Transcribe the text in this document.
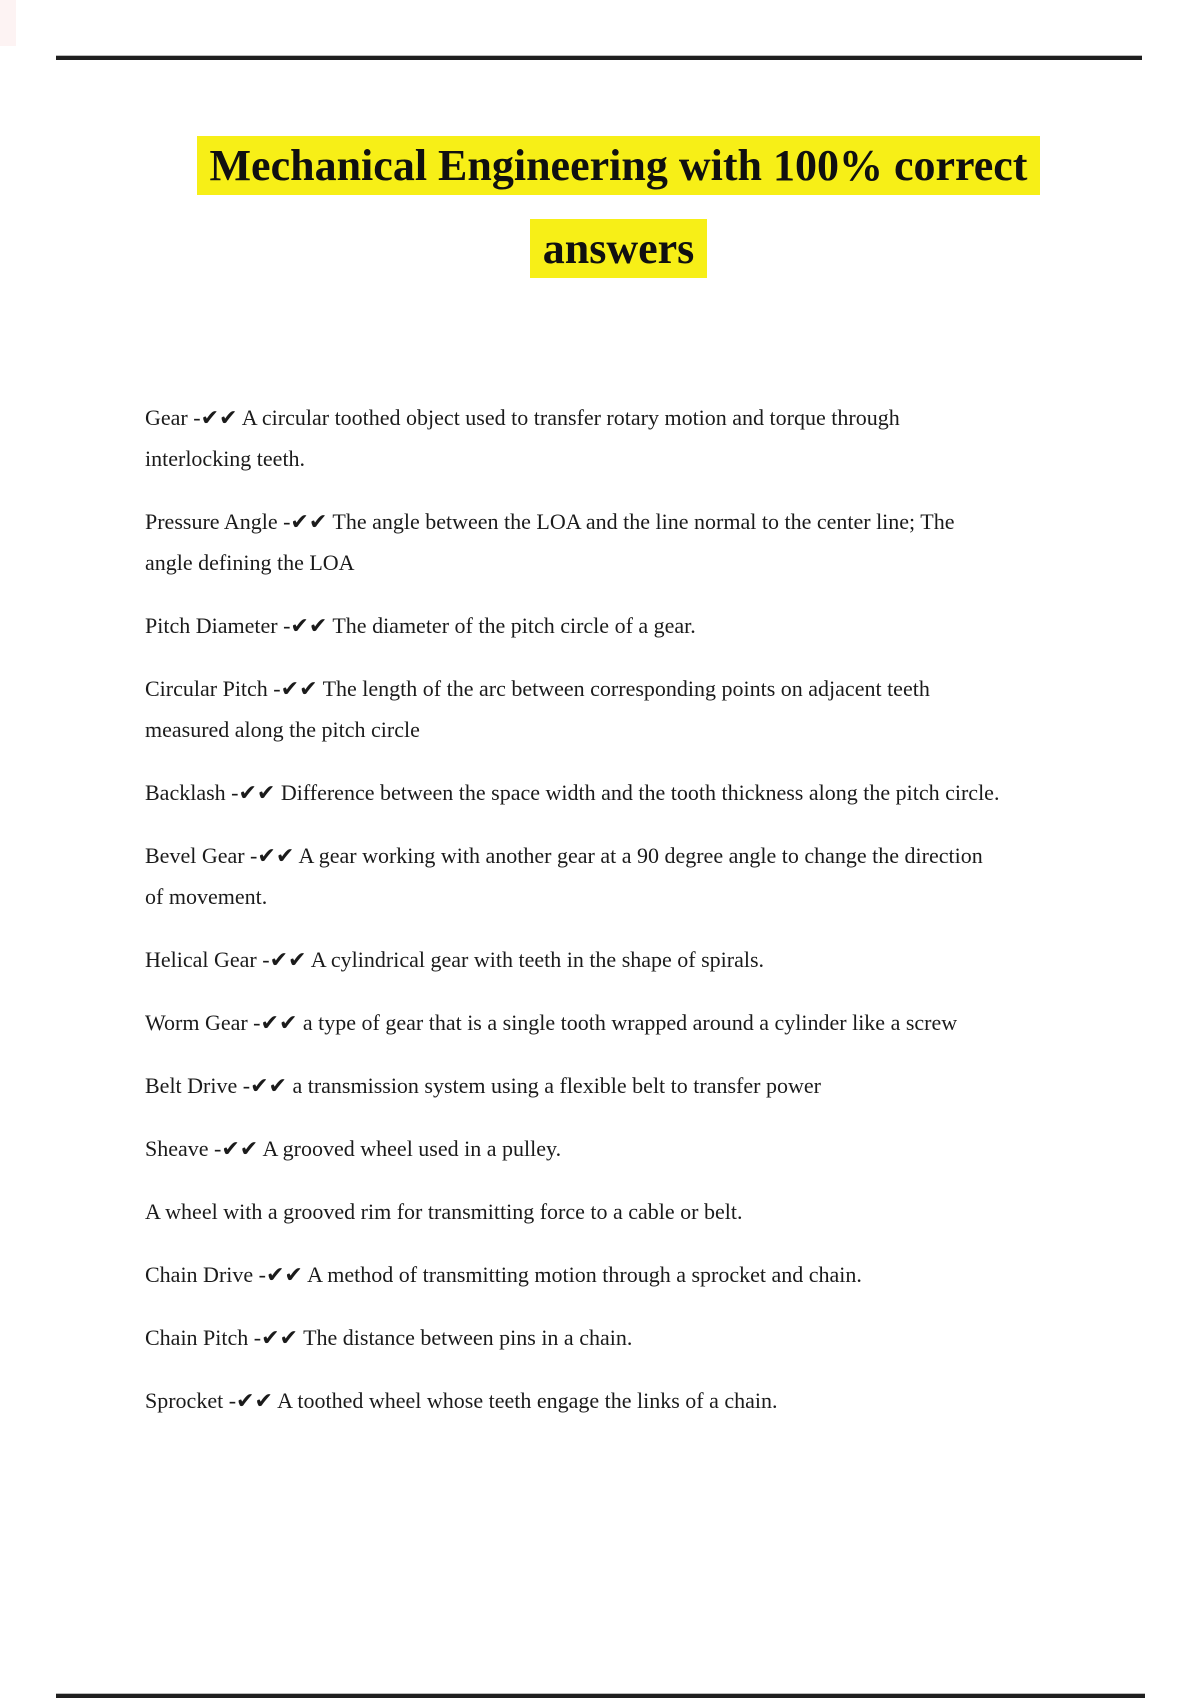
Mechanical Engineering with 100% correct
answers
Gear -✔✔ A circular toothed object used to transfer rotary motion and torque through
interlocking teeth.
Pressure Angle -✔✔ The angle between the LOA and the line normal to the center line; The
angle defining the LOA
Pitch Diameter -✔✔ The diameter of the pitch circle of a gear.
Circular Pitch -✔✔ The length of the arc between corresponding points on adjacent teeth
measured along the pitch circle
Backlash -✔✔ Difference between the space width and the tooth thickness along the pitch circle.
Bevel Gear -✔✔ A gear working with another gear at a 90 degree angle to change the direction
of movement.
Helical Gear -✔✔ A cylindrical gear with teeth in the shape of spirals.
Worm Gear -✔✔ a type of gear that is a single tooth wrapped around a cylinder like a screw
Belt Drive -✔✔ a transmission system using a flexible belt to transfer power
Sheave -✔✔ A grooved wheel used in a pulley.
A wheel with a grooved rim for transmitting force to a cable or belt.
Chain Drive -✔✔ A method of transmitting motion through a sprocket and chain.
Chain Pitch -✔✔ The distance between pins in a chain.
Sprocket -✔✔ A toothed wheel whose teeth engage the links of a chain.
